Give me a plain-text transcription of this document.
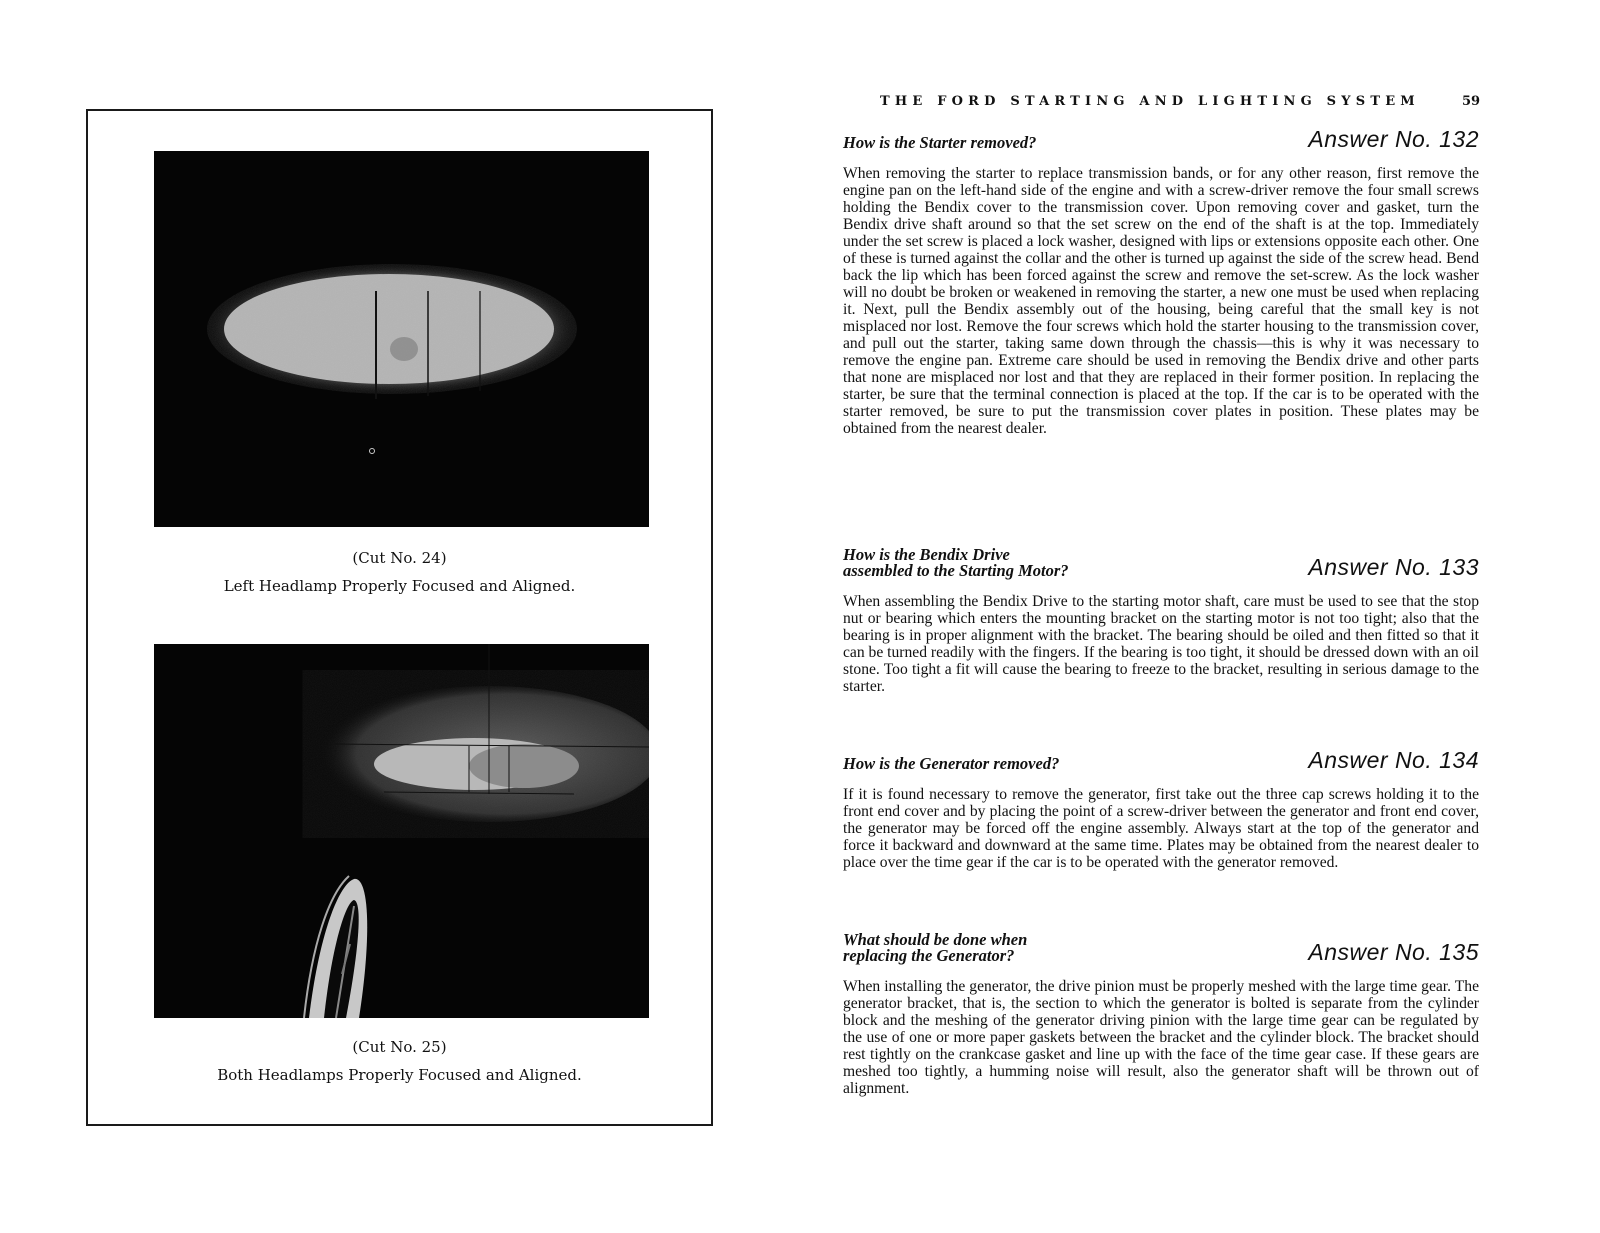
(Cut No. 24)
Left Headlamp Properly Focused and Aligned.
(Cut No. 25)
Both Headlamps Properly Focused and Aligned.
THE FORD STARTING AND LIGHTING SYSTEM	59
How is the Starter removed?	Answer No. 132
When removing the starter to replace transmission bands, or for any other reason, first remove the engine pan on the left-hand side of the engine and with a screw-driver remove the four small screws holding the Bendix cover to the transmission cover. Upon removing cover and gasket, turn the Bendix drive shaft around so that the set screw on the end of the shaft is at the top. Immediately under the set screw is placed a lock washer, designed with lips or extensions opposite each other. One of these is turned against the collar and the other is turned up against the side of the screw head. Bend back the lip which has been forced against the screw and remove the set-screw. As the lock washer will no doubt be broken or weakened in removing the starter, a new one must be used when replacing it. Next, pull the Bendix assembly out of the housing, being careful that the small key is not misplaced nor lost. Remove the four screws which hold the starter housing to the transmission cover, and pull out the starter, taking same down through the chassis—this is why it was necessary to remove the engine pan. Extreme care should be used in removing the Bendix drive and other parts that none are misplaced nor lost and that they are replaced in their former position. In replacing the starter, be sure that the terminal connection is placed at the top. If the car is to be operated with the starter removed, be sure to put the transmission cover plates in position. These plates may be obtained from the nearest dealer.
How is the Bendix Drive assembled to the Starting Motor?	Answer No. 133
When assembling the Bendix Drive to the starting motor shaft, care must be used to see that the stop nut or bearing which enters the mounting bracket on the starting motor is not too tight; also that the bearing is in proper alignment with the bracket. The bearing should be oiled and then fitted so that it can be turned readily with the fingers. If the bearing is too tight, it should be dressed down with an oil stone. Too tight a fit will cause the bearing to freeze to the bracket, resulting in serious damage to the starter.
How is the Generator removed?	Answer No. 134
If it is found necessary to remove the generator, first take out the three cap screws holding it to the front end cover and by placing the point of a screw-driver between the generator and front end cover, the generator may be forced off the engine assembly. Always start at the top of the generator and force it backward and downward at the same time. Plates may be obtained from the nearest dealer to place over the time gear if the car is to be operated with the generator removed.
What should be done when replacing the Generator?	Answer No. 135
When installing the generator, the drive pinion must be properly meshed with the large time gear. The generator bracket, that is, the section to which the generator is bolted is separate from the cylinder block and the meshing of the generator driving pinion with the large time gear can be regulated by the use of one or more paper gaskets between the bracket and the cylinder block. The bracket should rest tightly on the crankcase gasket and line up with the face of the time gear case. If these gears are meshed too tightly, a humming noise will result, also the generator shaft will be thrown out of alignment.
